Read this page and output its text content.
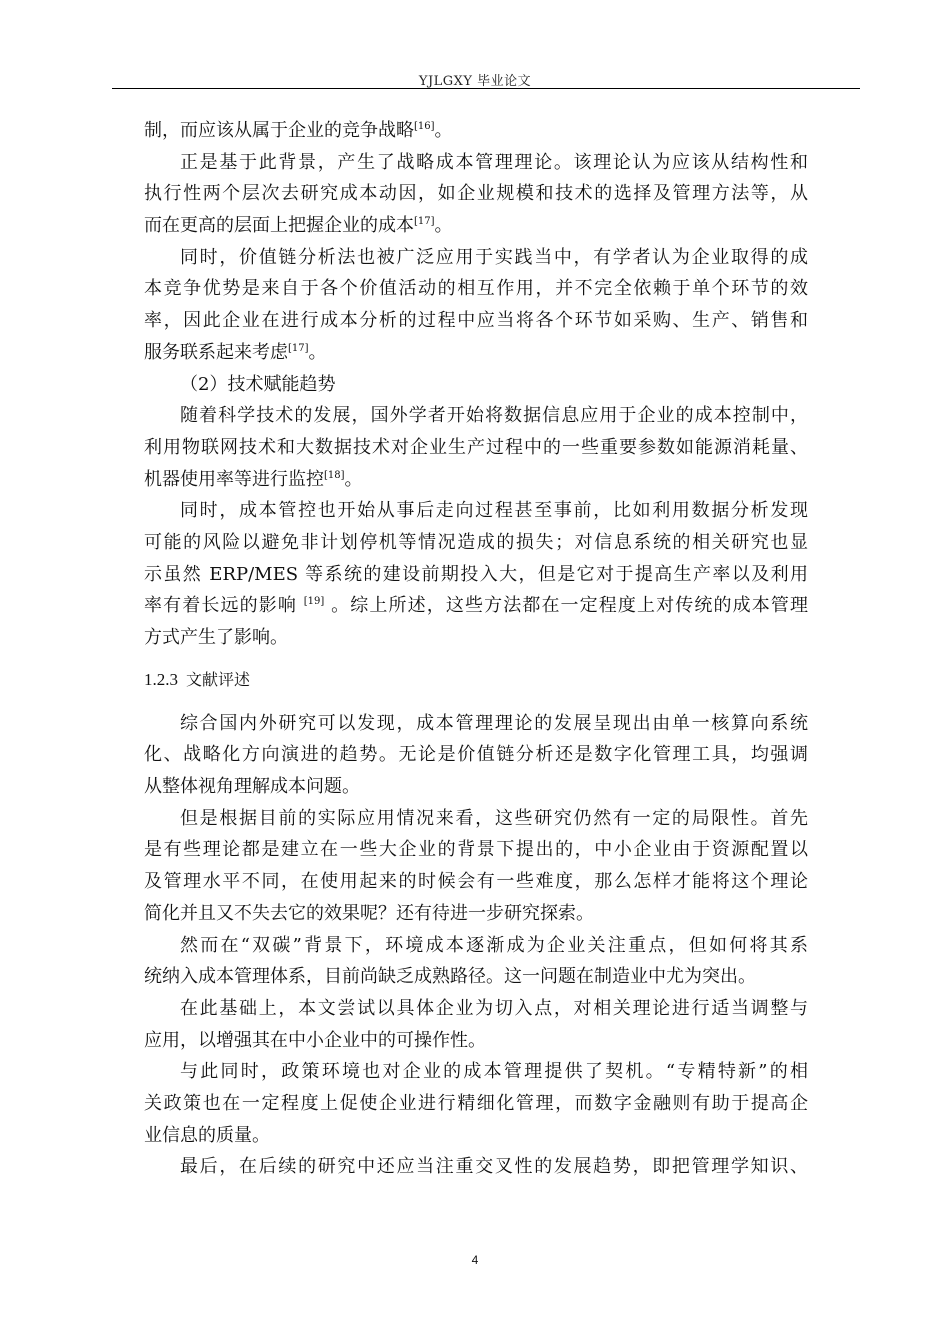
YJLGXY 毕业论文
制，而应该从属于企业的竞争战略[16]。
正是基于此背景，产生了战略成本管理理论。该理论认为应该从结构性和
执行性两个层次去研究成本动因，如企业规模和技术的选择及管理方法等，从
而在更高的层面上把握企业的成本[17]。
同时，价值链分析法也被广泛应用于实践当中，有学者认为企业取得的成
本竞争优势是来自于各个价值活动的相互作用，并不完全依赖于单个环节的效
率，因此企业在进行成本分析的过程中应当将各个环节如采购、生产、销售和
服务联系起来考虑[17]。
（2）技术赋能趋势
随着科学技术的发展，国外学者开始将数据信息应用于企业的成本控制中，
利用物联网技术和大数据技术对企业生产过程中的一些重要参数如能源消耗量、
机器使用率等进行监控[18]。
同时，成本管控也开始从事后走向过程甚至事前，比如利用数据分析发现
可能的风险以避免非计划停机等情况造成的损失；对信息系统的相关研究也显
示虽然 ERP/MES 等系统的建设前期投入大，但是它对于提高生产率以及利用
率有着长远的影响 [19] 。综上所述，这些方法都在一定程度上对传统的成本管理
方式产生了影响。
1.2.3 文献评述
综合国内外研究可以发现，成本管理理论的发展呈现出由单一核算向系统
化、战略化方向演进的趋势。无论是价值链分析还是数字化管理工具，均强调
从整体视角理解成本问题。
但是根据目前的实际应用情况来看，这些研究仍然有一定的局限性。首先
是有些理论都是建立在一些大企业的背景下提出的，中小企业由于资源配置以
及管理水平不同，在使用起来的时候会有一些难度，那么怎样才能将这个理论
简化并且又不失去它的效果呢？还有待进一步研究探索。
然而在“双碳”背景下，环境成本逐渐成为企业关注重点，但如何将其系
统纳入成本管理体系，目前尚缺乏成熟路径。这一问题在制造业中尤为突出。
在此基础上，本文尝试以具体企业为切入点，对相关理论进行适当调整与
应用，以增强其在中小企业中的可操作性。
与此同时，政策环境也对企业的成本管理提供了契机。“专精特新”的相
关政策也在一定程度上促使企业进行精细化管理，而数字金融则有助于提高企
业信息的质量。
最后，在后续的研究中还应当注重交叉性的发展趋势，即把管理学知识、
4
